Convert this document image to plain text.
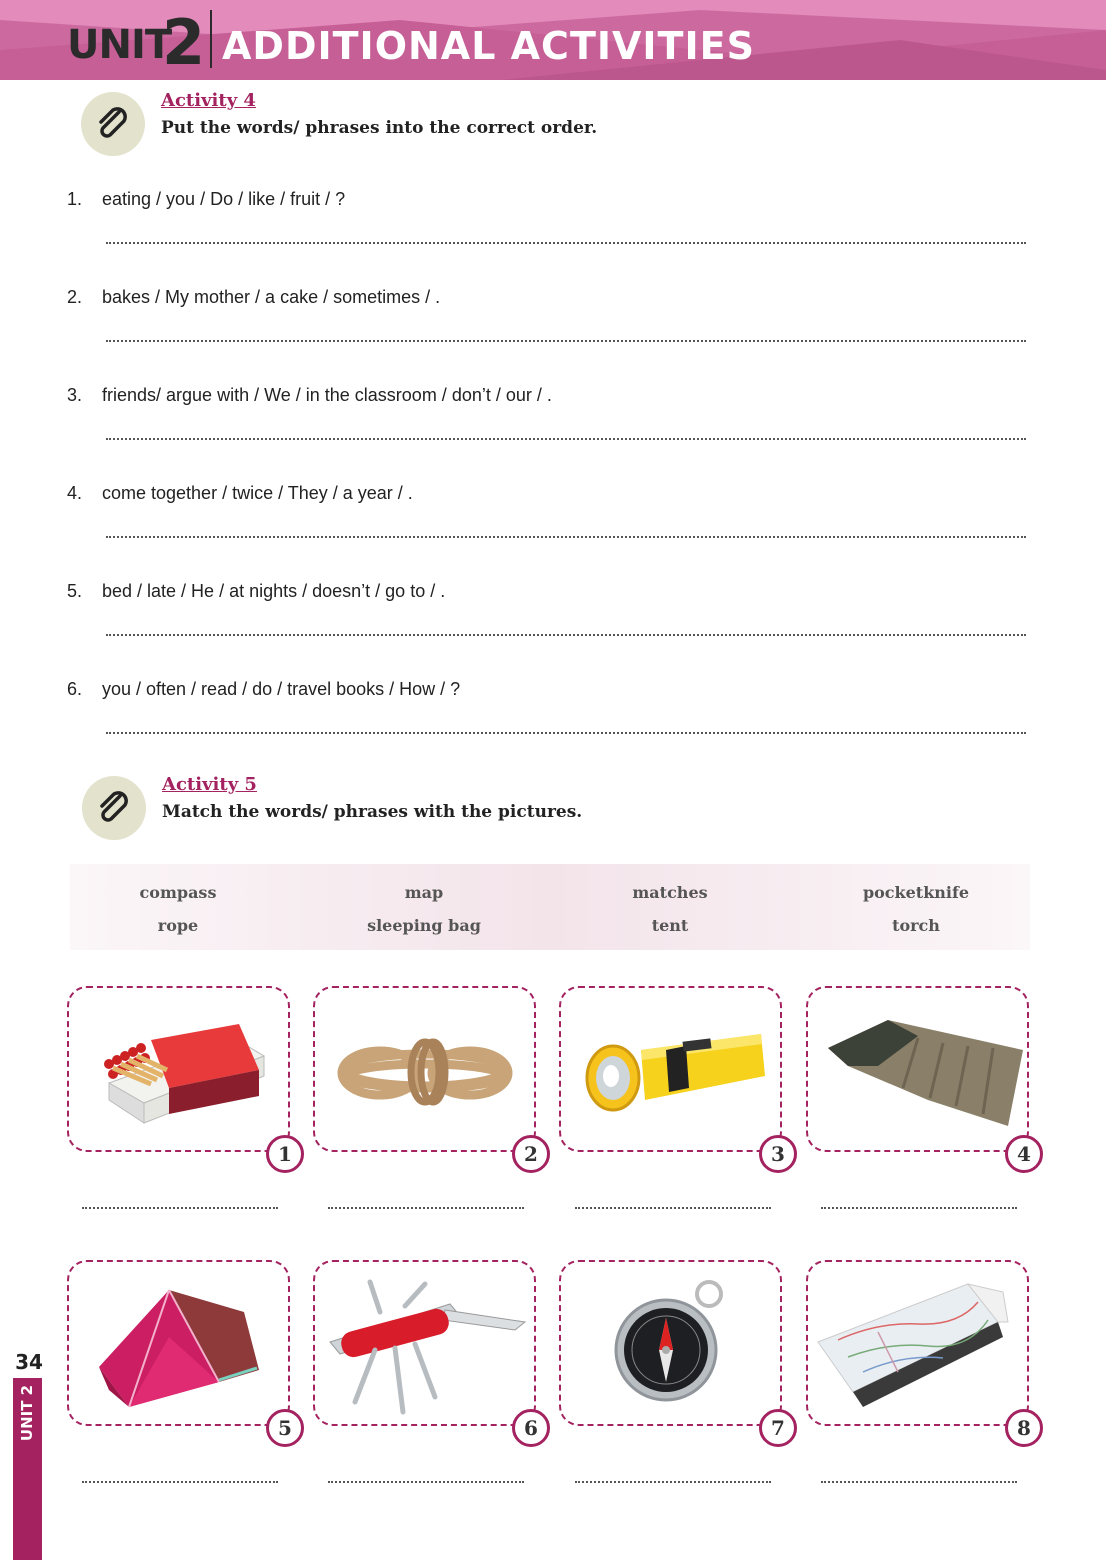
UNIT
2 ADDITIONAL ACTIVITIES
Activity 4
Put the words/ phrases into the correct order.
1. eating / you / Do / like / fruit / ?
2. bakes / My mother / a cake / sometimes / .
3. friends/ argue with / We / in the classroom / don’t / our / .
4. come together / twice / They / a year / .
5. bed / late / He / at nights / doesn’t / go to / .
6. you / often / read / do / travel books / How / ?
Activity 5
Match the words/ phrases with the pictures.
compass	map	matches	pocketknife
rope	sleeping bag	tent	torch
1	2	3	4
5	6	7	8
34
UNIT 2
